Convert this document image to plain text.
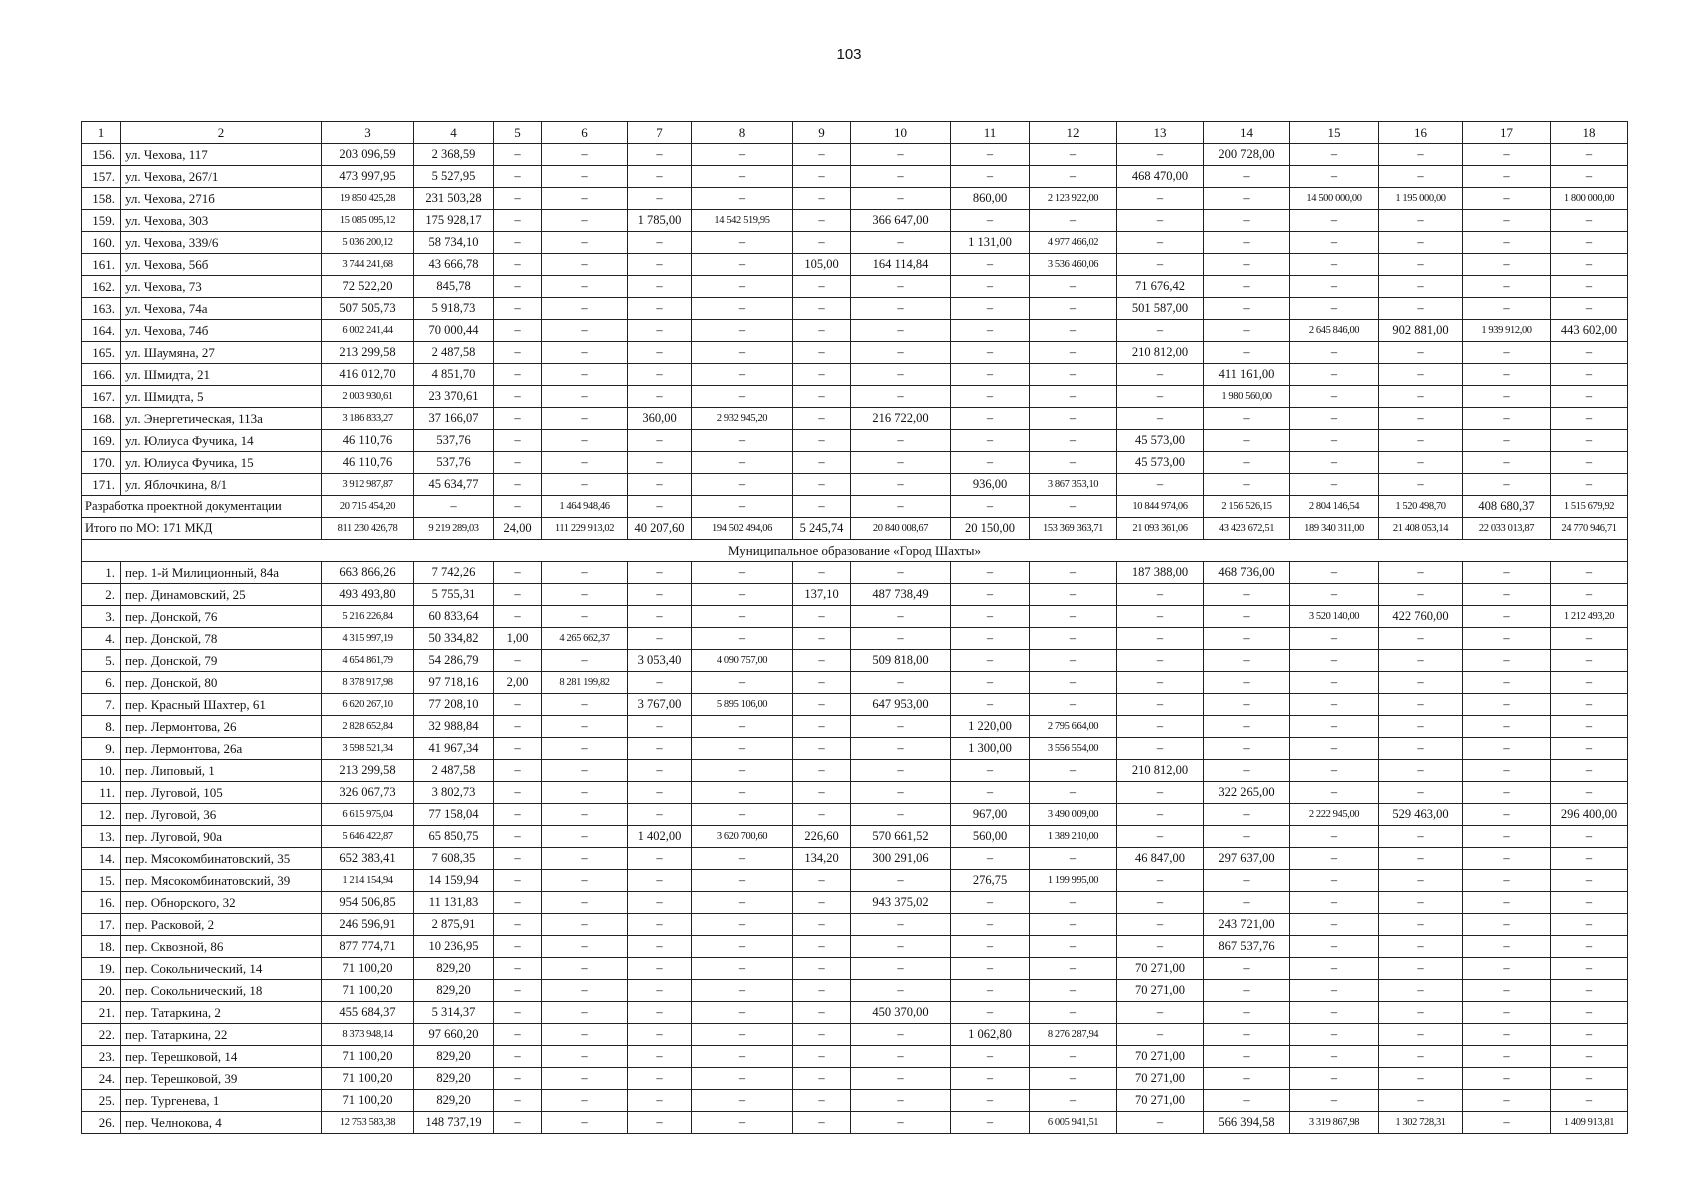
103
1	2	3	4	5	6	7	8	9	10	11	12	13	14	15	16	17	18
156.	ул. Чехова, 117	203 096,59	2 368,59	–	–	–	–	–	–	–	–	–	200 728,00	–	–	–	–
157.	ул. Чехова, 267/1	473 997,95	5 527,95	–	–	–	–	–	–	–	–	468 470,00	–	–	–	–	–
158.	ул. Чехова, 271б	19 850 425,28	231 503,28	–	–	–	–	–	–	860,00	2 123 922,00	–	–	14 500 000,00	1 195 000,00	–	1 800 000,00
159.	ул. Чехова, 303	15 085 095,12	175 928,17	–	–	1 785,00	14 542 519,95	–	366 647,00	–	–	–	–	–	–	–	–
160.	ул. Чехова, 339/6	5 036 200,12	58 734,10	–	–	–	–	–	–	1 131,00	4 977 466,02	–	–	–	–	–	–
161.	ул. Чехова, 56б	3 744 241,68	43 666,78	–	–	–	–	105,00	164 114,84	–	3 536 460,06	–	–	–	–	–	–
162.	ул. Чехова, 73	72 522,20	845,78	–	–	–	–	–	–	–	–	71 676,42	–	–	–	–	–
163.	ул. Чехова, 74а	507 505,73	5 918,73	–	–	–	–	–	–	–	–	501 587,00	–	–	–	–	–
164.	ул. Чехова, 74б	6 002 241,44	70 000,44	–	–	–	–	–	–	–	–	–	–	2 645 846,00	902 881,00	1 939 912,00	443 602,00
165.	ул. Шаумяна, 27	213 299,58	2 487,58	–	–	–	–	–	–	–	–	210 812,00	–	–	–	–	–
166.	ул. Шмидта, 21	416 012,70	4 851,70	–	–	–	–	–	–	–	–	–	411 161,00	–	–	–	–
167.	ул. Шмидта, 5	2 003 930,61	23 370,61	–	–	–	–	–	–	–	–	–	1 980 560,00	–	–	–	–
168.	ул. Энергетическая, 113а	3 186 833,27	37 166,07	–	–	360,00	2 932 945,20	–	216 722,00	–	–	–	–	–	–	–	–
169.	ул. Юлиуса Фучика, 14	46 110,76	537,76	–	–	–	–	–	–	–	–	45 573,00	–	–	–	–	–
170.	ул. Юлиуса Фучика, 15	46 110,76	537,76	–	–	–	–	–	–	–	–	45 573,00	–	–	–	–	–
171.	ул. Яблочкина, 8/1	3 912 987,87	45 634,77	–	–	–	–	–	–	936,00	3 867 353,10	–	–	–	–	–	–
Разработка проектной документации		20 715 454,20	–	–	1 464 948,46	–	–	–	–	–	–	10 844 974,06	2 156 526,15	2 804 146,54	1 520 498,70	408 680,37	1 515 679,92
Итого по МО: 171 МКД		811 230 426,78	9 219 289,03	24,00	111 229 913,02	40 207,60	194 502 494,06	5 245,74	20 840 008,67	20 150,00	153 369 363,71	21 093 361,06	43 423 672,51	189 340 311,00	21 408 053,14	22 033 013,87	24 770 946,71
Муниципальное образование «Город Шахты»																	
1.	пер. 1-й Милиционный, 84а	663 866,26	7 742,26	–	–	–	–	–	–	–	–	187 388,00	468 736,00	–	–	–	–
2.	пер. Динамовский, 25	493 493,80	5 755,31	–	–	–	–	137,10	487 738,49	–	–	–	–	–	–	–	–
3.	пер. Донской, 76	5 216 226,84	60 833,64	–	–	–	–	–	–	–	–	–	–	3 520 140,00	422 760,00	–	1 212 493,20
4.	пер. Донской, 78	4 315 997,19	50 334,82	1,00	4 265 662,37	–	–	–	–	–	–	–	–	–	–	–	–
5.	пер. Донской, 79	4 654 861,79	54 286,79	–	–	3 053,40	4 090 757,00	–	509 818,00	–	–	–	–	–	–	–	–
6.	пер. Донской, 80	8 378 917,98	97 718,16	2,00	8 281 199,82	–	–	–	–	–	–	–	–	–	–	–	–
7.	пер. Красный Шахтер, 61	6 620 267,10	77 208,10	–	–	3 767,00	5 895 106,00	–	647 953,00	–	–	–	–	–	–	–	–
8.	пер. Лермонтова, 26	2 828 652,84	32 988,84	–	–	–	–	–	–	1 220,00	2 795 664,00	–	–	–	–	–	–
9.	пер. Лермонтова, 26а	3 598 521,34	41 967,34	–	–	–	–	–	–	1 300,00	3 556 554,00	–	–	–	–	–	–
10.	пер. Липовый, 1	213 299,58	2 487,58	–	–	–	–	–	–	–	–	210 812,00	–	–	–	–	–
11.	пер. Луговой, 105	326 067,73	3 802,73	–	–	–	–	–	–	–	–	–	322 265,00	–	–	–	–
12.	пер. Луговой, 36	6 615 975,04	77 158,04	–	–	–	–	–	–	967,00	3 490 009,00	–	–	2 222 945,00	529 463,00	–	296 400,00
13.	пер. Луговой, 90а	5 646 422,87	65 850,75	–	–	1 402,00	3 620 700,60	226,60	570 661,52	560,00	1 389 210,00	–	–	–	–	–	–
14.	пер. Мясокомбинатовский, 35	652 383,41	7 608,35	–	–	–	–	134,20	300 291,06	–	–	46 847,00	297 637,00	–	–	–	–
15.	пер. Мясокомбинатовский, 39	1 214 154,94	14 159,94	–	–	–	–	–	–	276,75	1 199 995,00	–	–	–	–	–	–
16.	пер. Обнорского, 32	954 506,85	11 131,83	–	–	–	–	–	943 375,02	–	–	–	–	–	–	–	–
17.	пер. Расковой, 2	246 596,91	2 875,91	–	–	–	–	–	–	–	–	–	243 721,00	–	–	–	–
18.	пер. Сквозной, 86	877 774,71	10 236,95	–	–	–	–	–	–	–	–	–	867 537,76	–	–	–	–
19.	пер. Сокольнический, 14	71 100,20	829,20	–	–	–	–	–	–	–	–	70 271,00	–	–	–	–	–
20.	пер. Сокольнический, 18	71 100,20	829,20	–	–	–	–	–	–	–	–	70 271,00	–	–	–	–	–
21.	пер. Татаркина, 2	455 684,37	5 314,37	–	–	–	–	–	450 370,00	–	–	–	–	–	–	–	–
22.	пер. Татаркина, 22	8 373 948,14	97 660,20	–	–	–	–	–	–	1 062,80	8 276 287,94	–	–	–	–	–	–
23.	пер. Терешковой, 14	71 100,20	829,20	–	–	–	–	–	–	–	–	70 271,00	–	–	–	–	–
24.	пер. Терешковой, 39	71 100,20	829,20	–	–	–	–	–	–	–	–	70 271,00	–	–	–	–	–
25.	пер. Тургенева, 1	71 100,20	829,20	–	–	–	–	–	–	–	–	70 271,00	–	–	–	–	–
26.	пер. Челнокова, 4	12 753 583,38	148 737,19	–	–	–	–	–	–	–	6 005 941,51	–	566 394,58	3 319 867,98	1 302 728,31	–	1 409 913,81
